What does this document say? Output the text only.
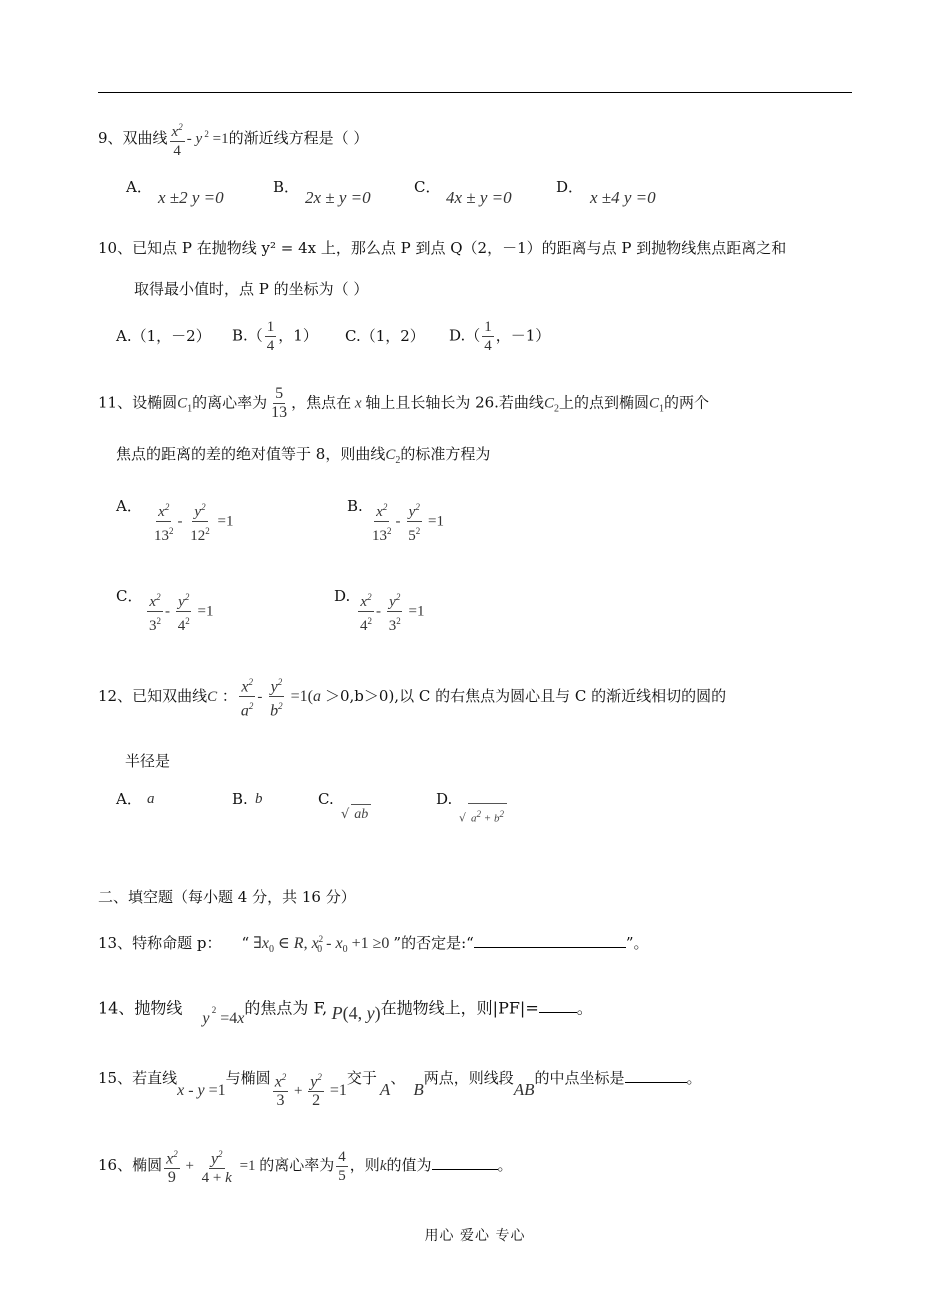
9、双曲线 $\frac{x^2}{4}$ - y $^2$ =1的渐近线方程是（ ）
A．
x ±2 y =0
B．
2x ± y =0
C．
4x ± y =0
D．
x ±4 y =0
10、已知点 P 在抛物线 y² = 4x 上，那么点 P 到点 Q（2，－1）的距离与点 P 到抛物线焦点距离之和
取得最小值时，点 P 的坐标为（ ）
A.（1，－2） $B.( \frac{1}{4}$ ，1） C.（1，2） $D.( \frac{1}{4}$ ，－1）
11、设椭圆$C_1$的离心率为 $\frac{5}{13}$ ，焦点在 x 轴上且长轴长为 26.若曲线$C_2$上的点到椭圆$C_1$的两个
焦点的距离的差的绝对值等于 8，则曲线$C_2$的标准方程为
A． $\frac{x^2}{13^2} - \frac{y^2}{12^2} =1$
B. $\frac{x^2}{13^2} - \frac{y^2}{5^2} =1$
C． $\frac{x^2}{3^2} - \frac{y^2}{4^2} =1$
D. $\frac{x^2}{4^2} - \frac{y^2}{3^2} =1$
12、已知双曲线C ： $\frac{x^2}{a^2} - \frac{y^2}{b^2} =1(a >0,b>0)$,以 C 的右焦点为圆心且与 C 的渐近线相切的圆的
半径是
A． a	B. b	C.
√ ab
D.
√ $a^2 + b^2$
二、填空题（每小题 4 分，共 16 分）
13、特称命题 p： “ $\exists x_0$ ∈ R, $x^2_0 - x_0 +1 \ge 0$ ”的否定是:“	”。
14、抛物线y $^2$ =4x的焦点为 F, P(4, y)在抛物线上，则|PF|= 。
15、若直线x - y =1与椭圆 $\frac{x^2}{3} + \frac{y^2}{2} =1$交于A、B两点，则线段AB的中点坐标是	。
16、椭圆 $\frac{x^2}{9} + \frac{y^2}{4 + k} =1$ 的离心率为 $\frac{4}{5}$ ，则k的值为	。
用心 爱心 专心
